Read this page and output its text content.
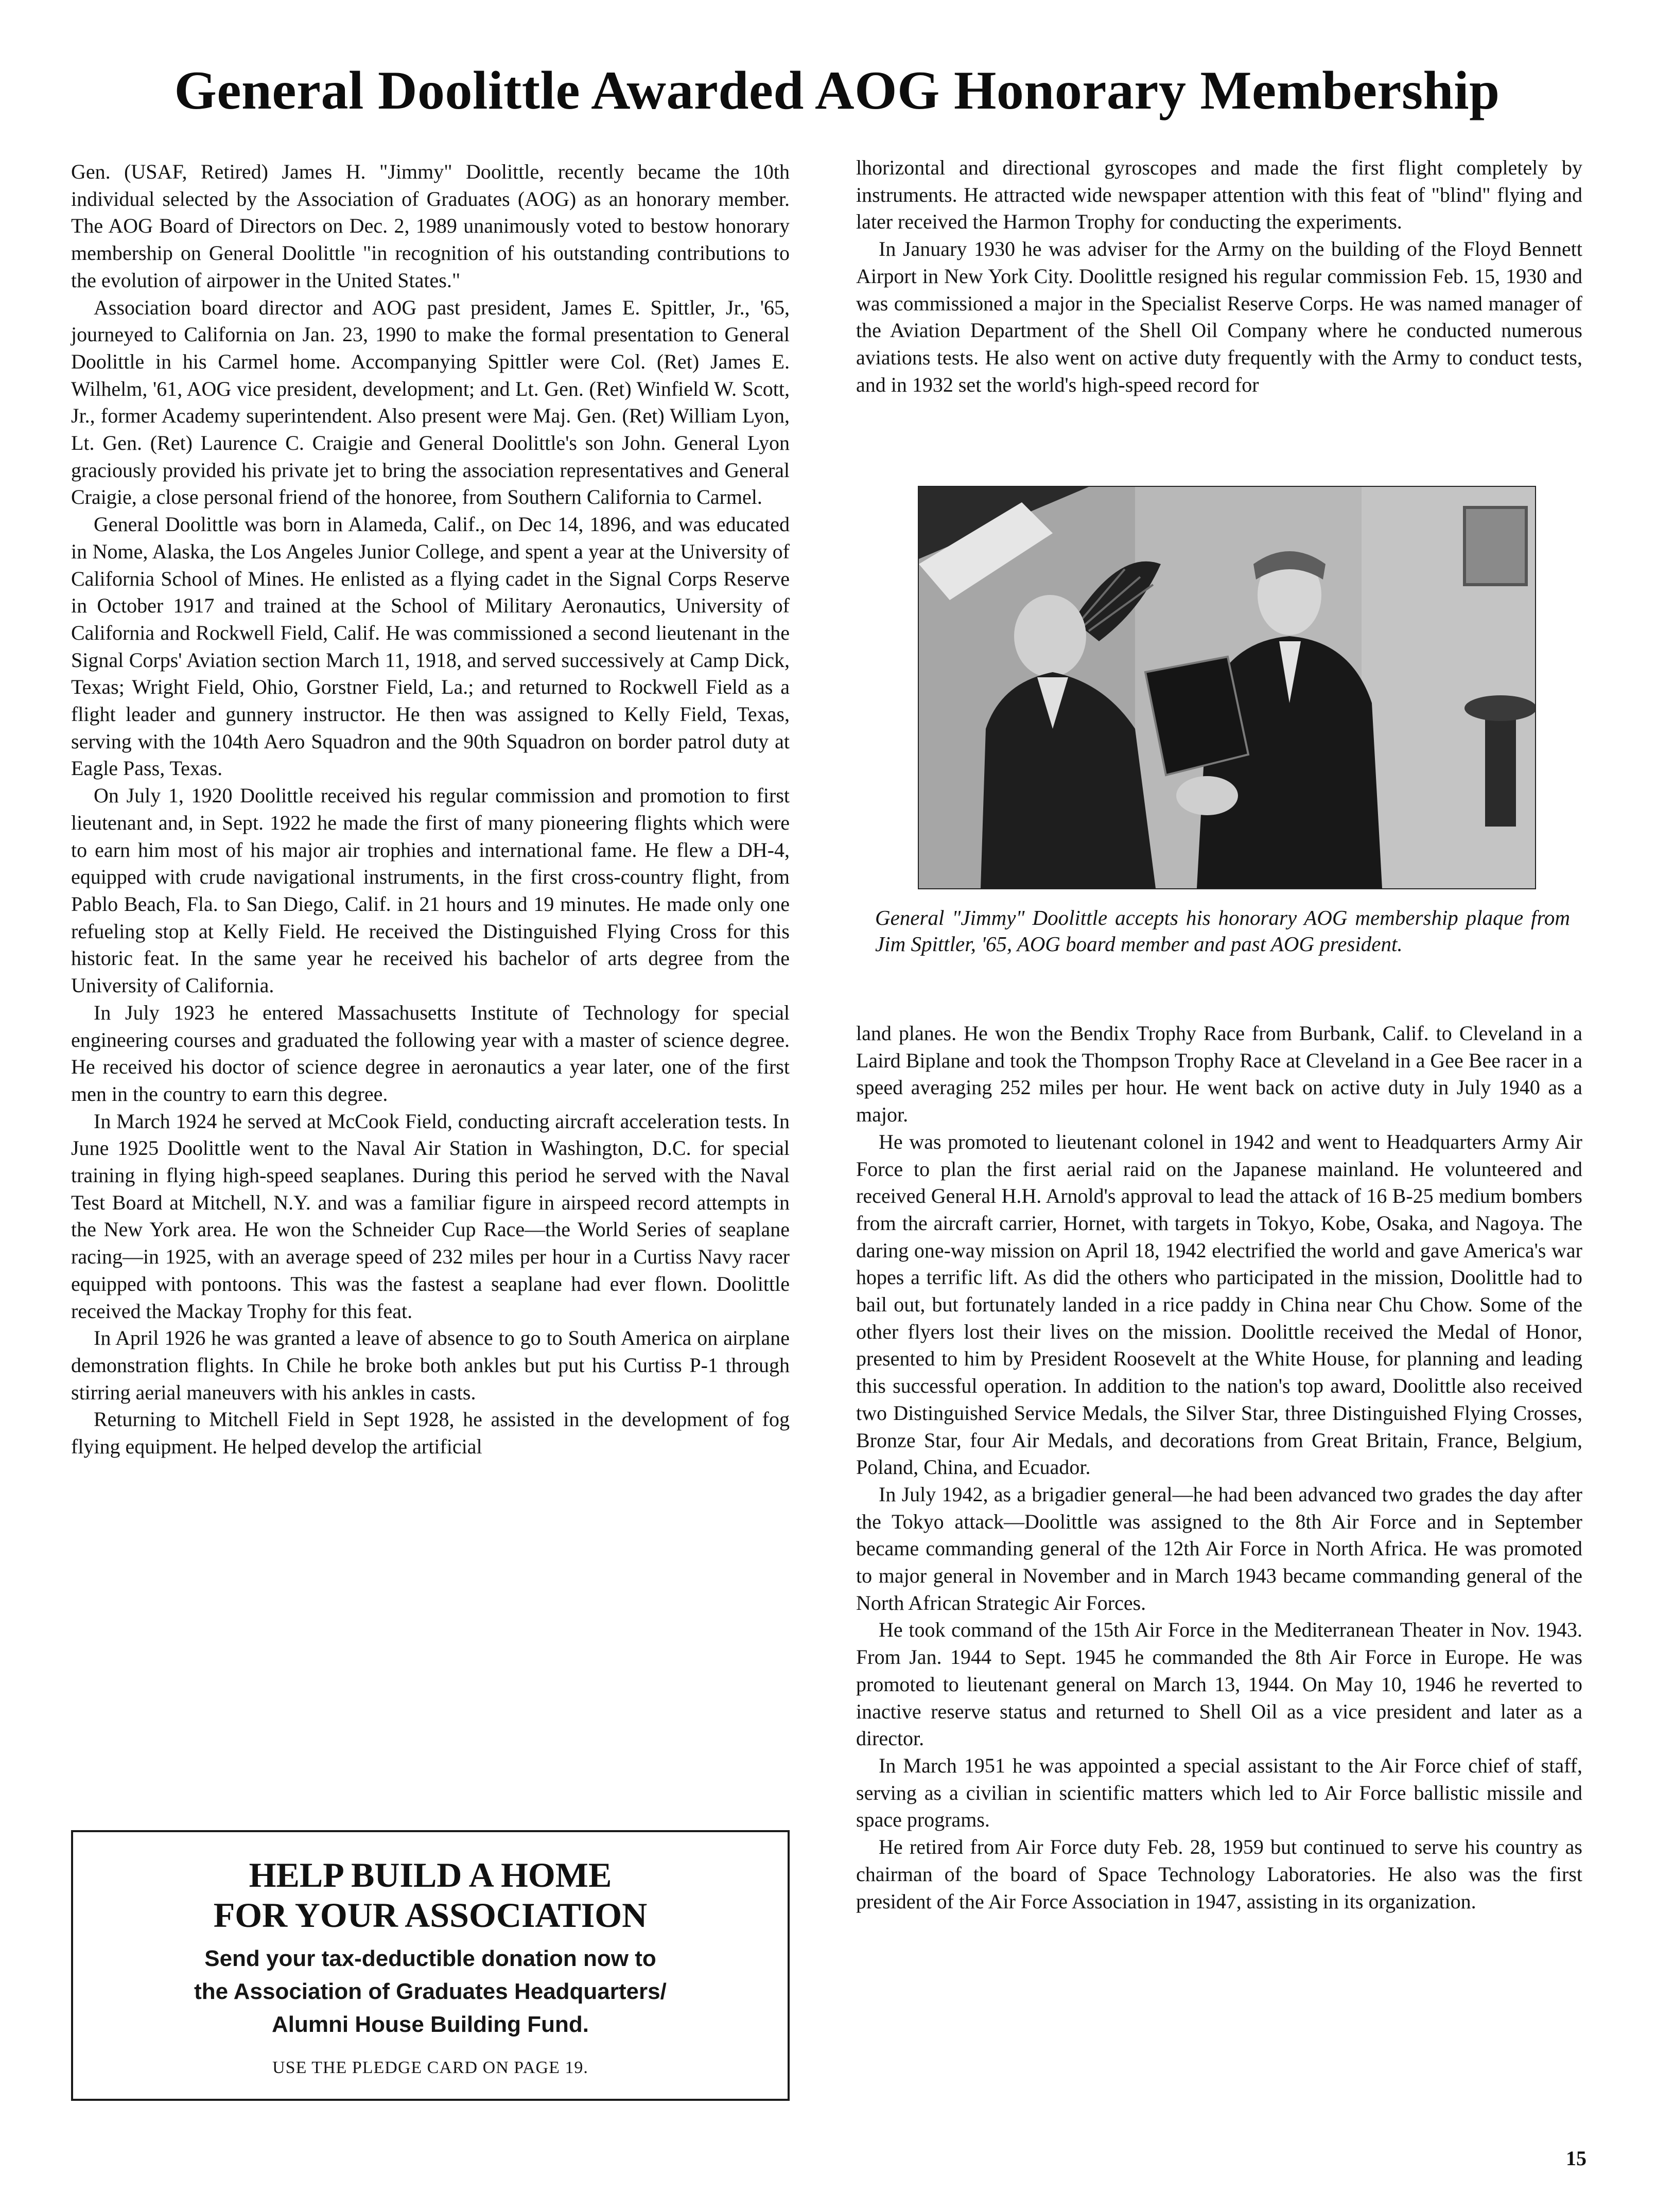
General Doolittle Awarded AOG Honorary Membership

Gen. (USAF, Retired) James H. "Jimmy" Doolittle, recently became the 10th individual selected by the Association of Graduates (AOG) as an honorary member. The AOG Board of Directors on Dec. 2, 1989 unanimously voted to bestow honorary membership on General Doolittle "in recognition of his outstanding contributions to the evolution of airpower in the United States."

Association board director and AOG past president, James E. Spittler, Jr., '65, journeyed to California on Jan. 23, 1990 to make the formal presentation to General Doolittle in his Carmel home. Accompanying Spittler were Col. (Ret) James E. Wilhelm, '61, AOG vice president, development; and Lt. Gen. (Ret) Winfield W. Scott, Jr., former Academy superintendent. Also present were Maj. Gen. (Ret) William Lyon, Lt. Gen. (Ret) Laurence C. Craigie and General Doolittle's son John. General Lyon graciously provided his private jet to bring the association representatives and General Craigie, a close personal friend of the honoree, from Southern California to Carmel.

General Doolittle was born in Alameda, Calif., on Dec 14, 1896, and was educated in Nome, Alaska, the Los Angeles Junior College, and spent a year at the University of California School of Mines. He enlisted as a flying cadet in the Signal Corps Reserve in October 1917 and trained at the School of Military Aeronautics, University of California and Rockwell Field, Calif. He was commissioned a second lieutenant in the Signal Corps' Aviation section March 11, 1918, and served successively at Camp Dick, Texas; Wright Field, Ohio, Gorstner Field, La.; and returned to Rockwell Field as a flight leader and gunnery instructor. He then was assigned to Kelly Field, Texas, serving with the 104th Aero Squadron and the 90th Squadron on border patrol duty at Eagle Pass, Texas.

On July 1, 1920 Doolittle received his regular commission and promotion to first lieutenant and, in Sept. 1922 he made the first of many pioneering flights which were to earn him most of his major air trophies and international fame. He flew a DH-4, equipped with crude navigational instruments, in the first cross-country flight, from Pablo Beach, Fla. to San Diego, Calif. in 21 hours and 19 minutes. He made only one refueling stop at Kelly Field. He received the Distinguished Flying Cross for this historic feat. In the same year he received his bachelor of arts degree from the University of California.

In July 1923 he entered Massachusetts Institute of Technology for special engineering courses and graduated the following year with a master of science degree. He received his doctor of science degree in aeronautics a year later, one of the first men in the country to earn this degree.

In March 1924 he served at McCook Field, conducting aircraft acceleration tests. In June 1925 Doolittle went to the Naval Air Station in Washington, D.C. for special training in flying high-speed seaplanes. During this period he served with the Naval Test Board at Mitchell, N.Y. and was a familiar figure in airspeed record attempts in the New York area. He won the Schneider Cup Race—the World Series of seaplane racing—in 1925, with an average speed of 232 miles per hour in a Curtiss Navy racer equipped with pontoons. This was the fastest a seaplane had ever flown. Doolittle received the Mackay Trophy for this feat.

In April 1926 he was granted a leave of absence to go to South America on airplane demonstration flights. In Chile he broke both ankles but put his Curtiss P-1 through stirring aerial maneuvers with his ankles in casts.

Returning to Mitchell Field in Sept 1928, he assisted in the development of fog flying equipment. He helped develop the artificial

lhorizontal and directional gyroscopes and made the first flight completely by instruments. He attracted wide newspaper attention with this feat of "blind" flying and later received the Harmon Trophy for conducting the experiments.

In January 1930 he was adviser for the Army on the building of the Floyd Bennett Airport in New York City. Doolittle resigned his regular commission Feb. 15, 1930 and was commissioned a major in the Specialist Reserve Corps. He was named manager of the Aviation Department of the Shell Oil Company where he conducted numerous aviations tests. He also went on active duty frequently with the Army to conduct tests, and in 1932 set the world's high-speed record for

General "Jimmy" Doolittle accepts his honorary AOG membership plaque from Jim Spittler, '65, AOG board member and past AOG president.

land planes. He won the Bendix Trophy Race from Burbank, Calif. to Cleveland in a Laird Biplane and took the Thompson Trophy Race at Cleveland in a Gee Bee racer in a speed averaging 252 miles per hour. He went back on active duty in July 1940 as a major.

He was promoted to lieutenant colonel in 1942 and went to Headquarters Army Air Force to plan the first aerial raid on the Japanese mainland. He volunteered and received General H.H. Arnold's approval to lead the attack of 16 B-25 medium bombers from the aircraft carrier, Hornet, with targets in Tokyo, Kobe, Osaka, and Nagoya. The daring one-way mission on April 18, 1942 electrified the world and gave America's war hopes a terrific lift. As did the others who participated in the mission, Doolittle had to bail out, but fortunately landed in a rice paddy in China near Chu Chow. Some of the other flyers lost their lives on the mission. Doolittle received the Medal of Honor, presented to him by President Roosevelt at the White House, for planning and leading this successful operation. In addition to the nation's top award, Doolittle also received two Distinguished Service Medals, the Silver Star, three Distinguished Flying Crosses, Bronze Star, four Air Medals, and decorations from Great Britain, France, Belgium, Poland, China, and Ecuador.

In July 1942, as a brigadier general—he had been advanced two grades the day after the Tokyo attack—Doolittle was assigned to the 8th Air Force and in September became commanding general of the 12th Air Force in North Africa. He was promoted to major general in November and in March 1943 became commanding general of the North African Strategic Air Forces.

He took command of the 15th Air Force in the Mediterranean Theater in Nov. 1943. From Jan. 1944 to Sept. 1945 he commanded the 8th Air Force in Europe. He was promoted to lieutenant general on March 13, 1944. On May 10, 1946 he reverted to inactive reserve status and returned to Shell Oil as a vice president and later as a director.

In March 1951 he was appointed a special assistant to the Air Force chief of staff, serving as a civilian in scientific matters which led to Air Force ballistic missile and space programs.

He retired from Air Force duty Feb. 28, 1959 but continued to serve his country as chairman of the board of Space Technology Laboratories. He also was the first president of the Air Force Association in 1947, assisting in its organization.

HELP BUILD A HOME
FOR YOUR ASSOCIATION
Send your tax-deductible donation now to
the Association of Graduates Headquarters/
Alumni House Building Fund.
USE THE PLEDGE CARD ON PAGE 19.
15
